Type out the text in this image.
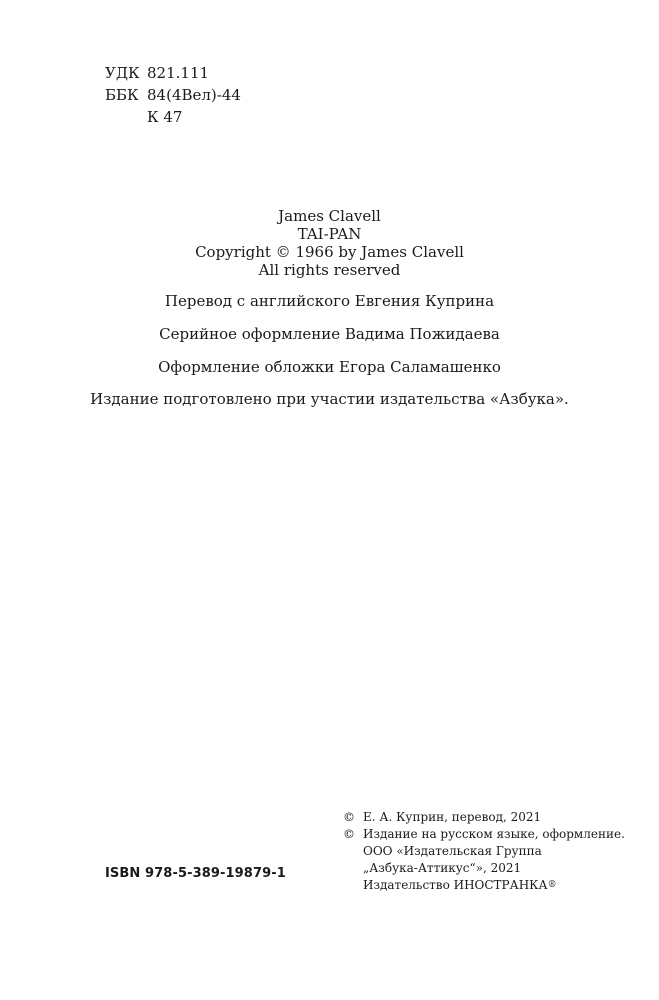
УДК 821.111
ББК 84(4Вел)-44
К 47
James Clavell
TAI-PAN
Copyright © 1966 by James Clavell
All rights reserved
Перевод с английского Евгения Куприна
Серийное оформление Вадима Пожидаева
Оформление обложки Егора Саламашенко
Издание подготовлено при участии издательства «Азбука».
ISBN 978-5-389-19879-1
© Е. А. Куприн, перевод, 2021
© Издание на русском языке, оформление.
ООО «Издательская Группа
„Азбука-Аттикус“», 2021
Издательство ИНОСТРАНКА ®
